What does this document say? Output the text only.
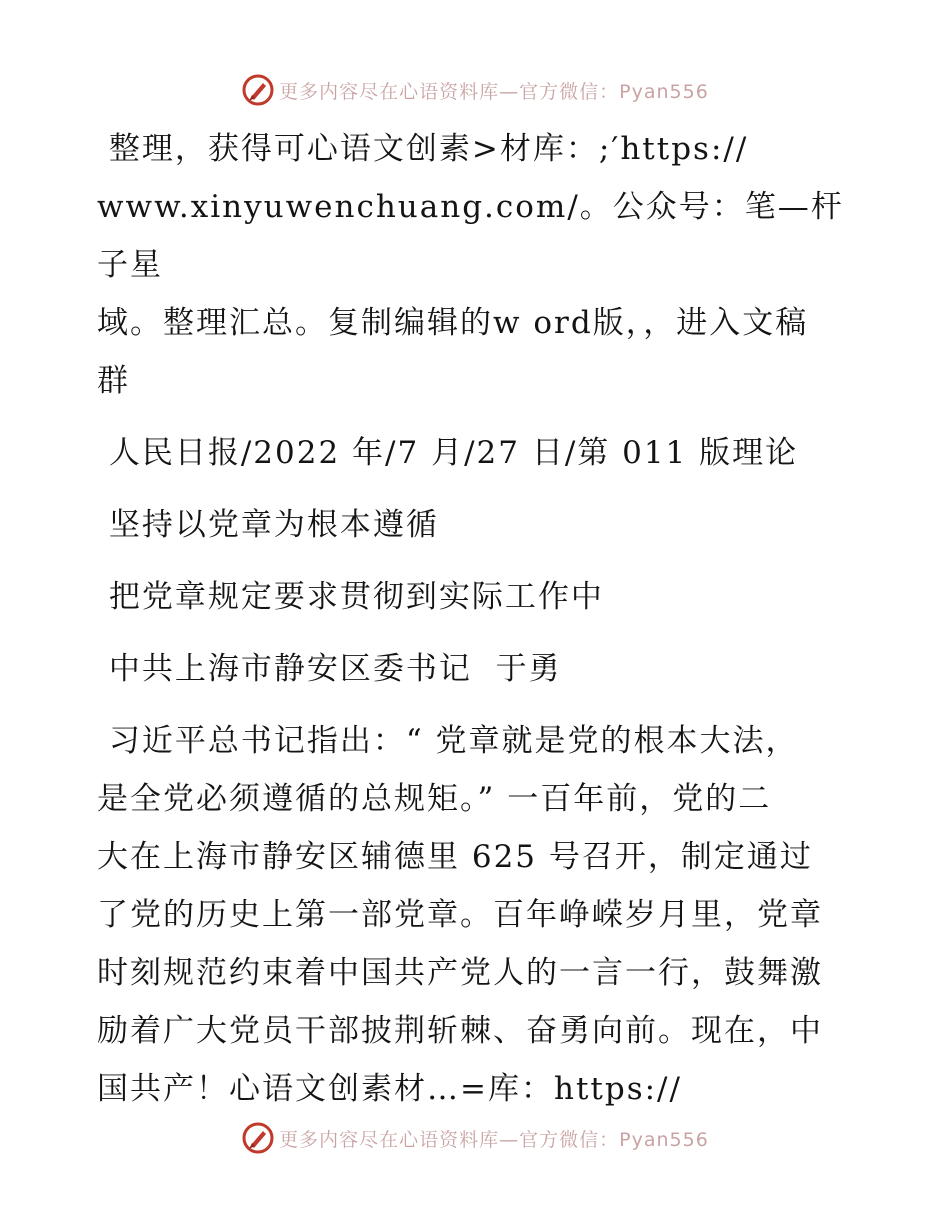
更多内容尽在心语资料库—官方微信：Pyan556

整理，获得可心语文创素>材库：;′https://

www.xinyuwenchuang.com/。公众号：笔—杆子星

域。整理汇总。复制编辑的w ord版，，进入文稿

群

人民日报/2022 年/7 月/27 日/第 011 版理论

坚持以党章为根本遵循

把党章规定要求贯彻到实际工作中

中共上海市静安区委书记  于勇

习近平总书记指出：“ 党章就是党的根本大法，

是全党必须遵循的总规矩。” 一百年前，党的二

大在上海市静安区辅德里 625 号召开，制定通过

了党的历史上第一部党章。百年峥嵘岁月里，党章

时刻规范约束着中国共产党人的一言一行，鼓舞激

励着广大党员干部披荆斩棘、奋勇向前。现在，中

国共产！心语文创素材…=库：https://

更多内容尽在心语资料库—官方微信：Pyan556
